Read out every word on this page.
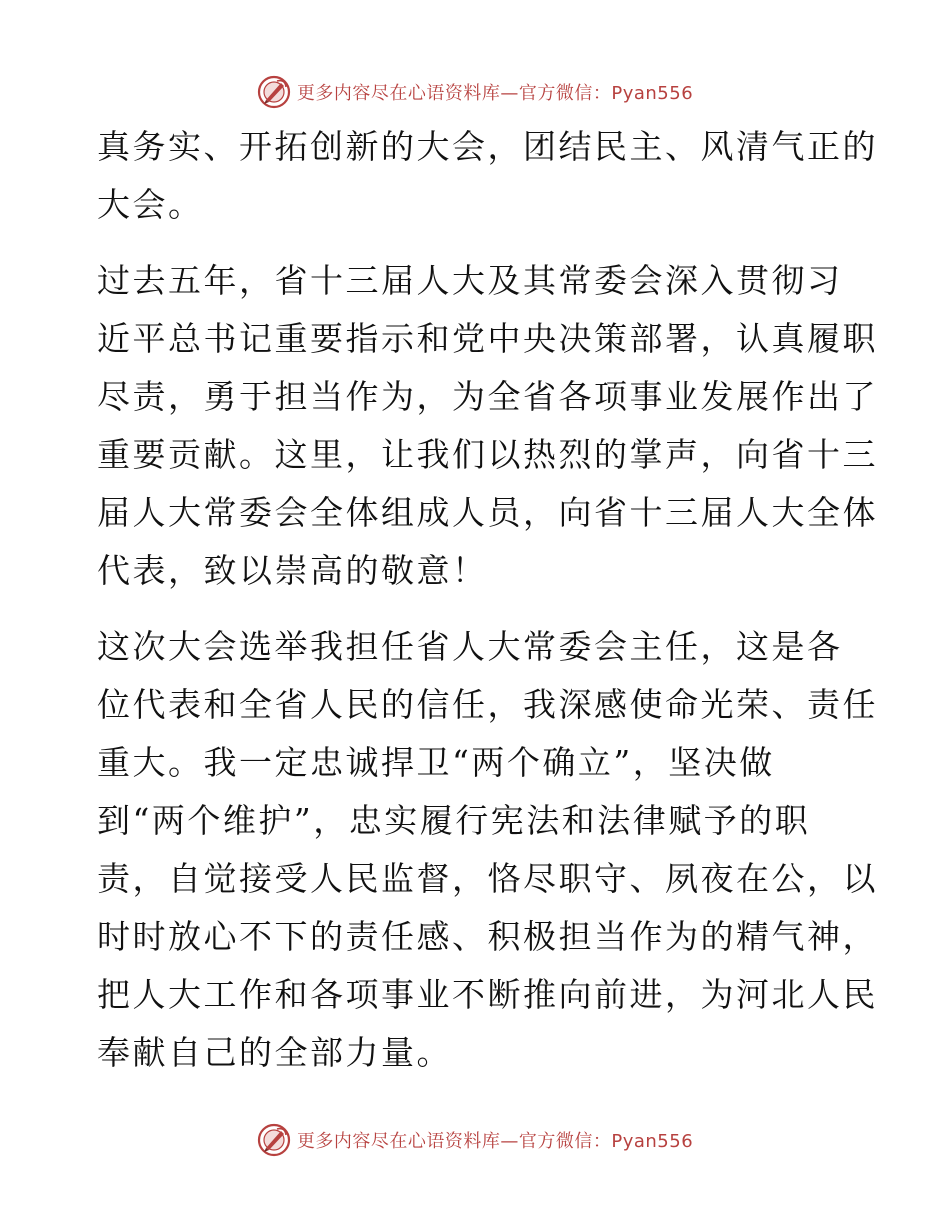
更多内容尽在心语资料库—官方微信：Pyan556

真务实、开拓创新的大会，团结民主、风清气正的
大会。

过去五年，省十三届人大及其常委会深入贯彻习
近平总书记重要指示和党中央决策部署，认真履职
尽责，勇于担当作为，为全省各项事业发展作出了
重要贡献。这里，让我们以热烈的掌声，向省十三
届人大常委会全体组成人员，向省十三届人大全体
代表，致以崇高的敬意！

这次大会选举我担任省人大常委会主任，这是各
位代表和全省人民的信任，我深感使命光荣、责任
重大。我一定忠诚捍卫“两个确立”，坚决做
到“两个维护”，忠实履行宪法和法律赋予的职
责，自觉接受人民监督，恪尽职守、夙夜在公，以
时时放心不下的责任感、积极担当作为的精气神，
把人大工作和各项事业不断推向前进，为河北人民
奉献自己的全部力量。

更多内容尽在心语资料库—官方微信：Pyan556
